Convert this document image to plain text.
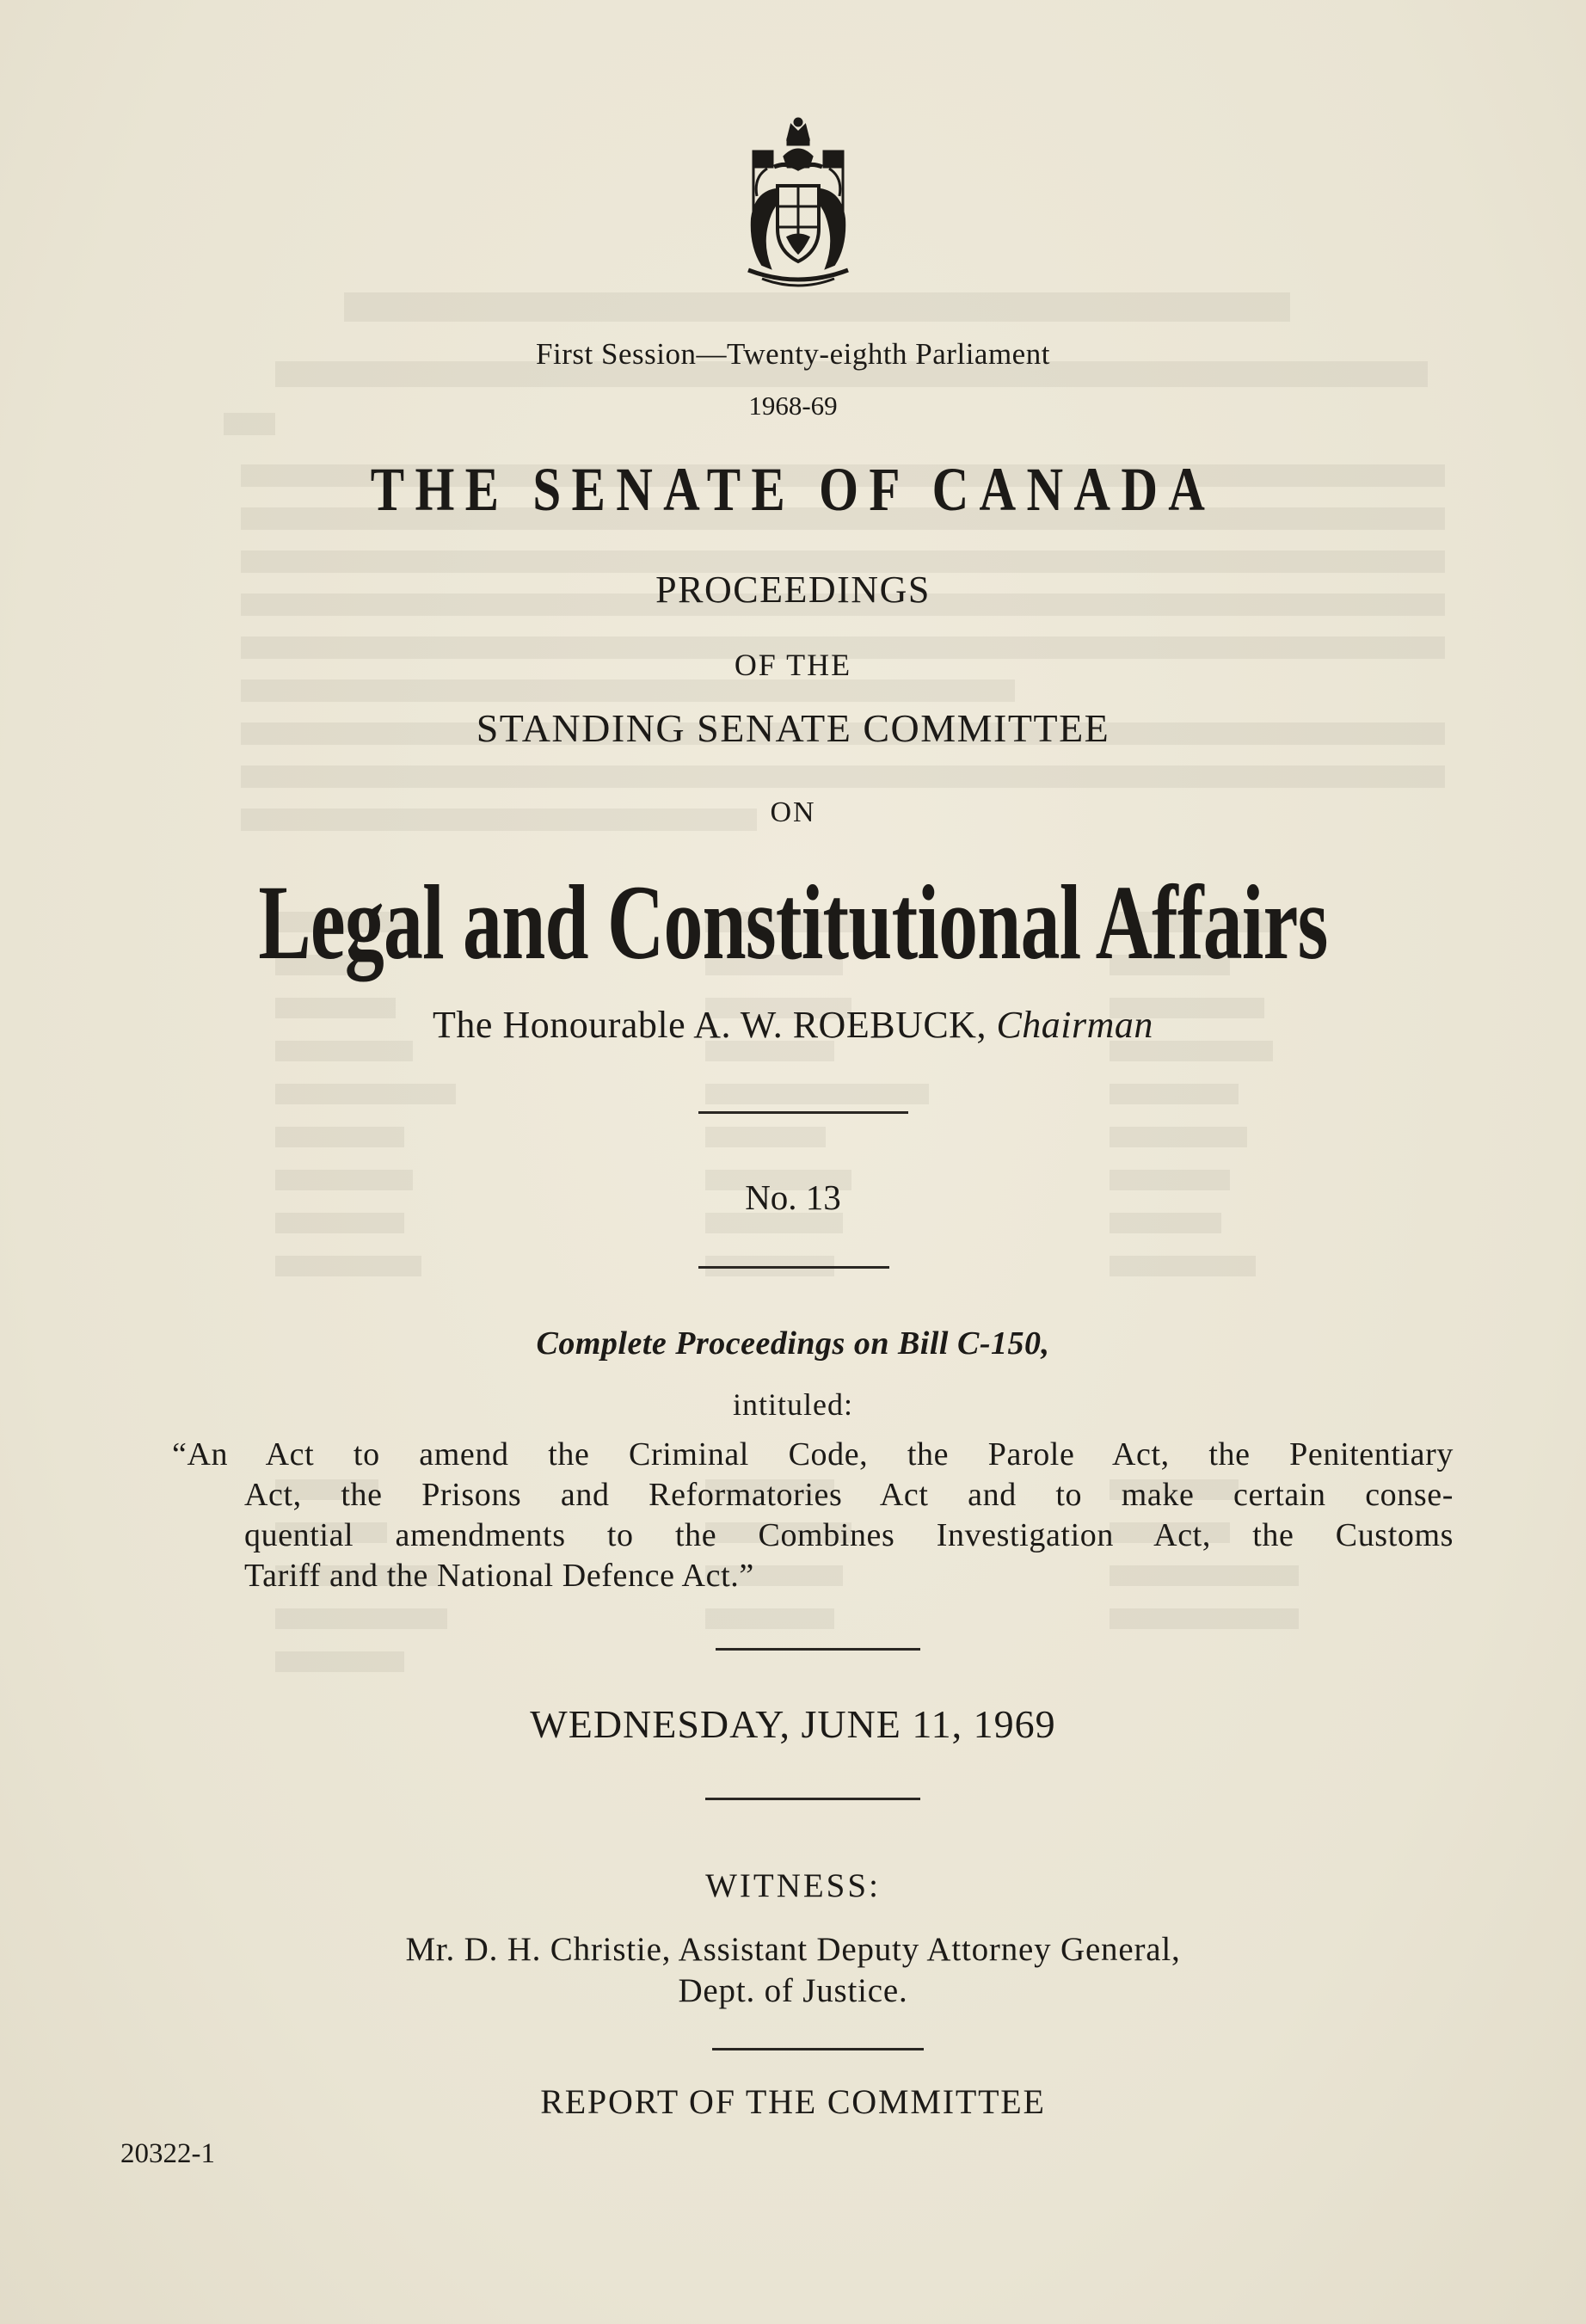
First Session—Twenty-eighth Parliament
1968-69
THE SENATE OF CANADA
PROCEEDINGS
OF THE
STANDING SENATE COMMITTEE
ON
Legal and Constitutional Affairs
The Honourable A. W. ROEBUCK, Chairman
No. 13
Complete Proceedings on Bill C-150,
intituled:
“An Act to amend the Criminal Code, the Parole Act, the Penitentiary
Act, the Prisons and Reformatories Act and to make certain conse-
quential amendments to the Combines Investigation Act, the Customs
Tariff and the National Defence Act.”
WEDNESDAY, JUNE 11, 1969
WITNESS:
Mr. D. H. Christie, Assistant Deputy Attorney General,
Dept. of Justice.
REPORT OF THE COMMITTEE
20322-1
